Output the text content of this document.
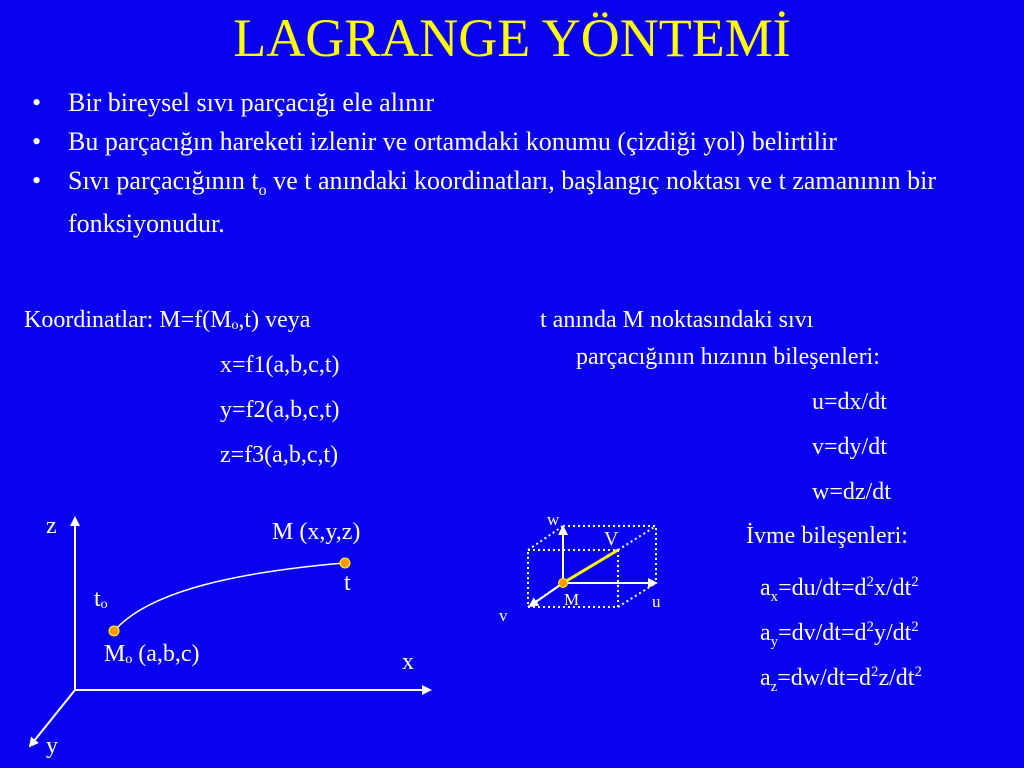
LAGRANGE YÖNTEMİ
• Bir bireysel sıvı parçacığı ele alınır
• Bu parçacığın hareketi izlenir ve ortamdaki konumu (çizdiği yol) belirtilir
• Sıvı parçacığının $t_o$ ve t anındaki koordinatları, başlangıç noktası ve t zamanının bir fonksiyonudur.
Koordinatlar: M=f(Mₒ,t) veya
x=f1(a,b,c,t)
y=f2(a,b,c,t)
z=f3(a,b,c,t)
t anında M noktasındaki sıvı
parçacığının hızının bileşenleri:
u=dx/dt
v=dy/dt
w=dz/dt
İvme bileşenleri:
$a_x=du/dt=d^2x/dt^2$
$a_y=dv/dt=d^2y/dt^2$
$a_z=dw/dt=d^2z/dt^2$
z
x
y
M (x,y,z)
t
tₒ
Mₒ (a,b,c)
w
V
M	u
v
